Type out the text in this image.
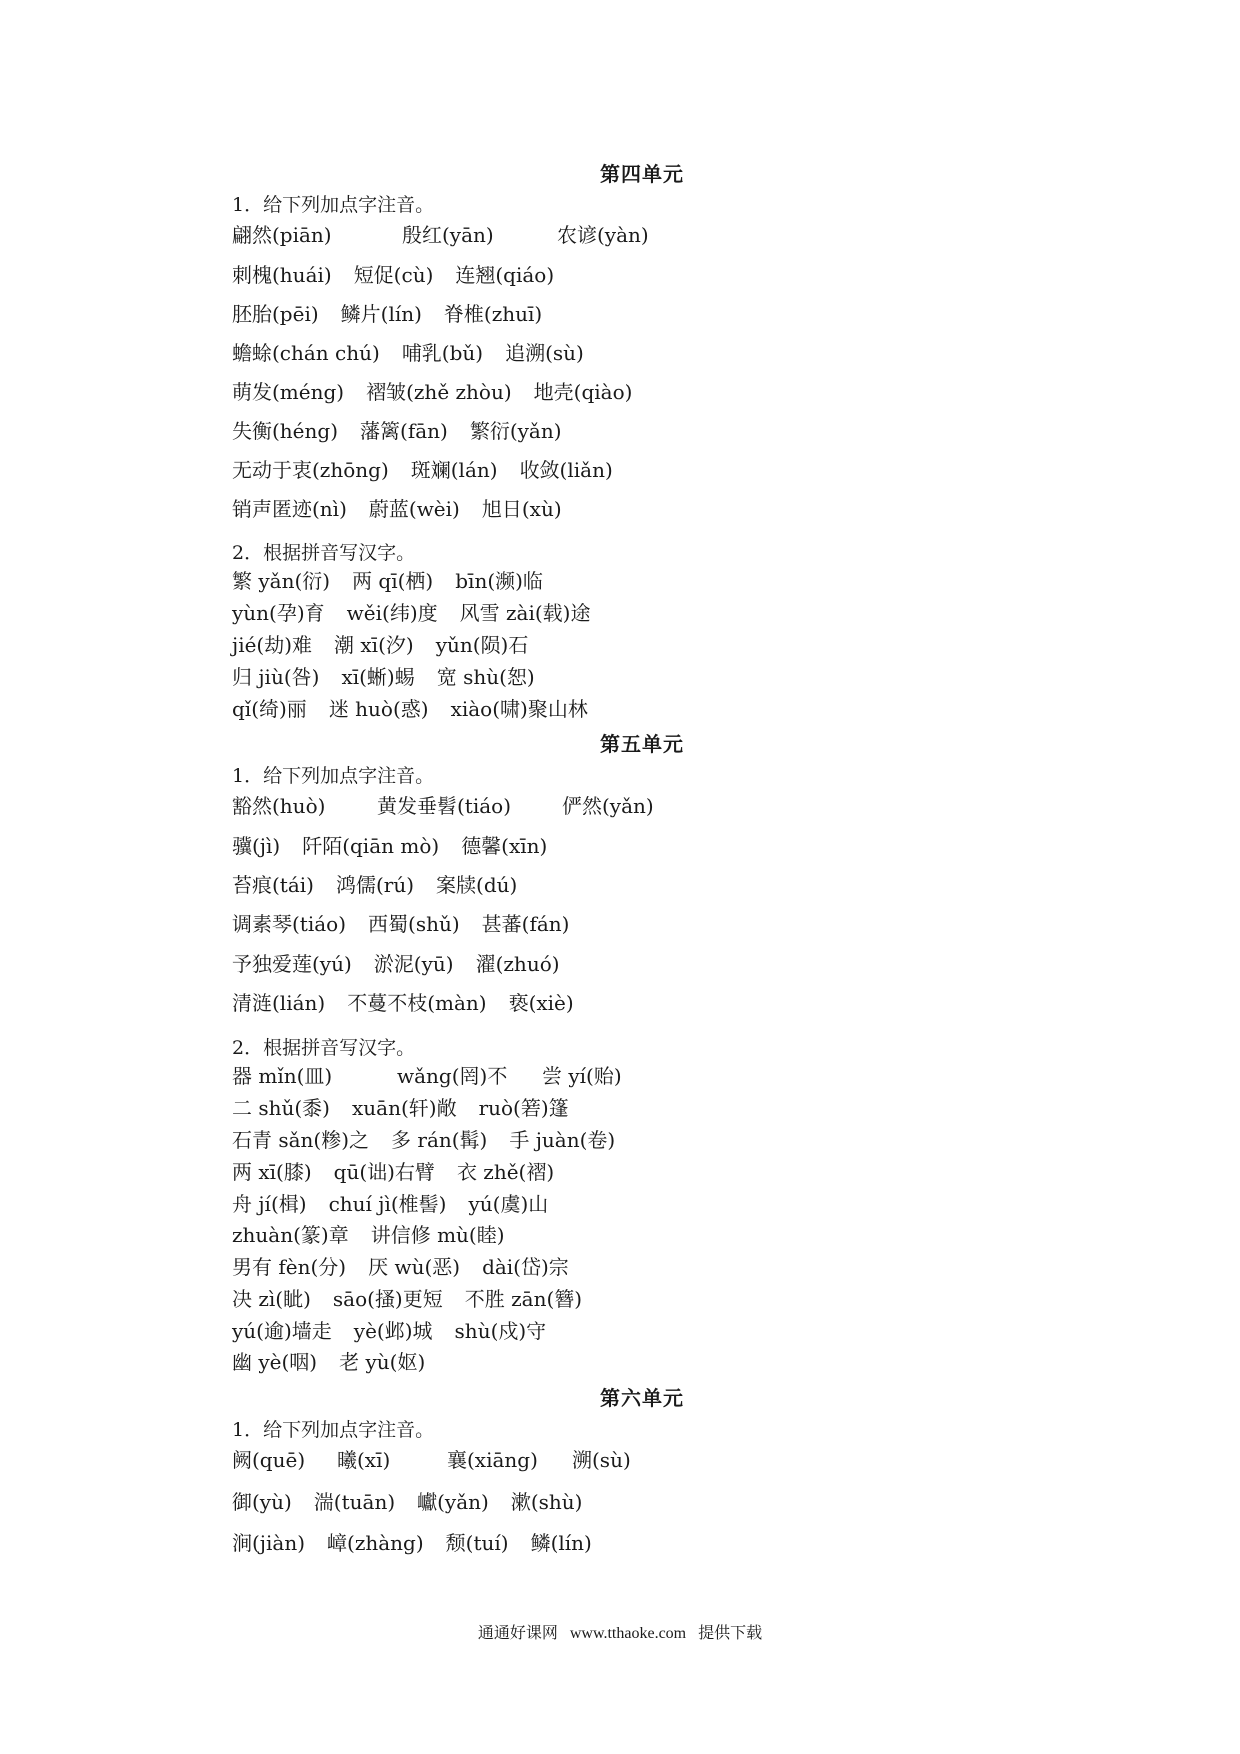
第四单元
1．给下列加点字注音。
翩然(piān)	殷红(yān)	农谚(yàn)
刺槐(huái) 短促(cù) 连翘(qiáo)
胚胎(pēi) 鳞片(lín) 脊椎(zhuī)
蟾蜍(chán chú) 哺乳(bǔ) 追溯(sù)
萌发(méng) 褶皱(zhě zhòu) 地壳(qiào)
失衡(héng) 藩篱(fān) 繁衍(yǎn)
无动于衷(zhōng) 斑斓(lán) 收敛(liǎn)
销声匿迹(nì) 蔚蓝(wèi) 旭日(xù)
2．根据拼音写汉字。
繁 yǎn(衍) 两 qī(栖) bīn(濒)临
yùn(孕)育 wěi(纬)度 风雪 zài(载)途
jié(劫)难 潮 xī(汐) yǔn(陨)石
归 jiù(咎) xī(蜥)蜴 宽 shù(恕)
qǐ(绮)丽 迷 huò(惑) xiào(啸)聚山林
第五单元
1．给下列加点字注音。
豁然(huò)	黄发垂髫(tiáo)	俨然(yǎn)
骥(jì) 阡陌(qiān mò) 德馨(xīn)
苔痕(tái) 鸿儒(rú) 案牍(dú)
调素琴(tiáo) 西蜀(shǔ) 甚蕃(fán)
予独爱莲(yú) 淤泥(yū) 濯(zhuó)
清涟(lián) 不蔓不枝(màn) 亵(xiè)
2．根据拼音写汉字。
器 mǐn(皿)	wǎng(罔)不 尝 yí(贻)
二 shǔ(黍) xuān(轩)敞 ruò(箬)篷
石青 sǎn(糁)之 多 rán(髯) 手 juàn(卷)
两 xī(膝) qū(诎)右臂 衣 zhě(褶)
舟 jí(楫) chuí jì(椎髻) yú(虞)山
zhuàn(篆)章 讲信修 mù(睦)
男有 fèn(分) 厌 wù(恶) dài(岱)宗
决 zì(眦) sāo(搔)更短 不胜 zān(簪)
yú(逾)墙走 yè(邺)城 shù(戍)守
幽 yè(咽) 老 yù(妪)
第六单元
1．给下列加点字注音。
阙(quē) 曦(xī)	襄(xiāng) 溯(sù)
御(yù) 湍(tuān) 巘(yǎn) 漱(shù)
涧(jiàn) 嶂(zhàng) 颓(tuí) 鳞(lín)
通通好课网 www.tthaoke.com 提供下载
